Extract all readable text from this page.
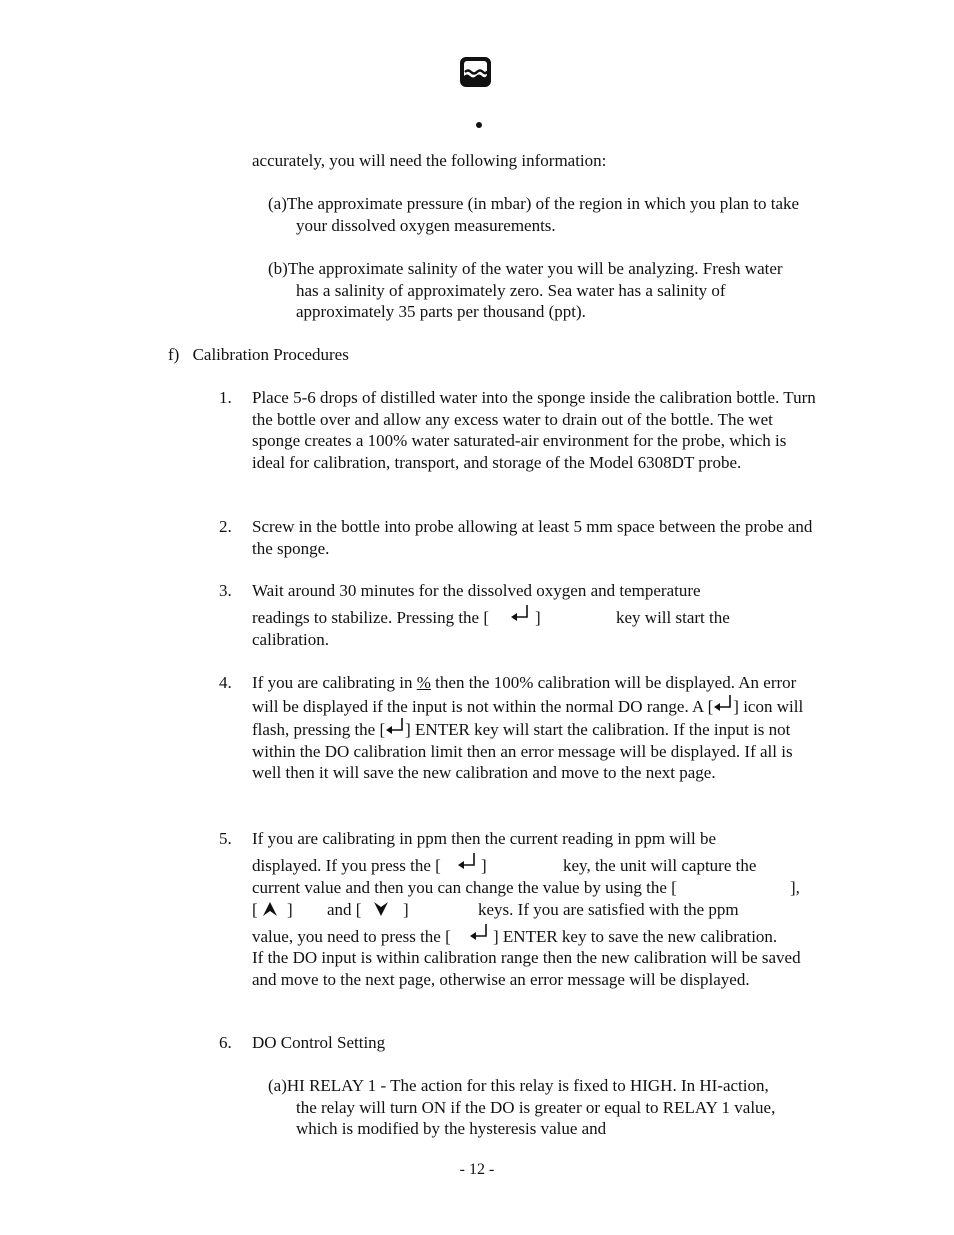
accurately, you will need the following information:

(a)The approximate pressure (in mbar) of the region in which you plan to take your dissolved oxygen measurements.

(b)The approximate salinity of the water you will be analyzing. Fresh water has a salinity of approximately zero. Sea water has a salinity of approximately 35 parts per thousand (ppt).

f) Calibration Procedures
1. Place 5-6 drops of distilled water into the sponge inside the calibration bottle. Turn the bottle over and allow any excess water to drain out of the bottle. The wet sponge creates a 100% water saturated-air environment for the probe, which is ideal for calibration, transport, and storage of the Model 6308DT probe.

2. Screw in the bottle into probe allowing at least 5 mm space between the probe and the sponge.

3. Wait around 30 minutes for the dissolved oxygen and temperature
readings to stabilize. Pressing the [	]	key will start the
calibration.
4. If you are calibrating in % then the 100% calibration will be displayed. An error will be displayed if the input is not within the normal DO range. A [ ] icon will flash, pressing the [ ] ENTER key will start the calibration. If the input is not within the DO calibration limit then an error message will be displayed. If all is well then it will save the new calibration and move to the next page.

5. If you are calibrating in ppm then the current reading in ppm will be
displayed. If you press the [ ]	key, the unit will capture the
current value and then you can change the value by using the [	],
[ ] and [ ]	keys. If you are satisfied with the ppm
value, you need to press the [ ] ENTER key to save the new calibration.

If the DO input is within calibration range then the new calibration will be saved and move to the next page, otherwise an error message will be displayed.

6. DO Control Setting

(a)HI RELAY 1 - The action for this relay is fixed to HIGH. In HI-action, the relay will turn ON if the DO is greater or equal to RELAY 1 value, which is modified by the hysteresis value and

- 12 -
